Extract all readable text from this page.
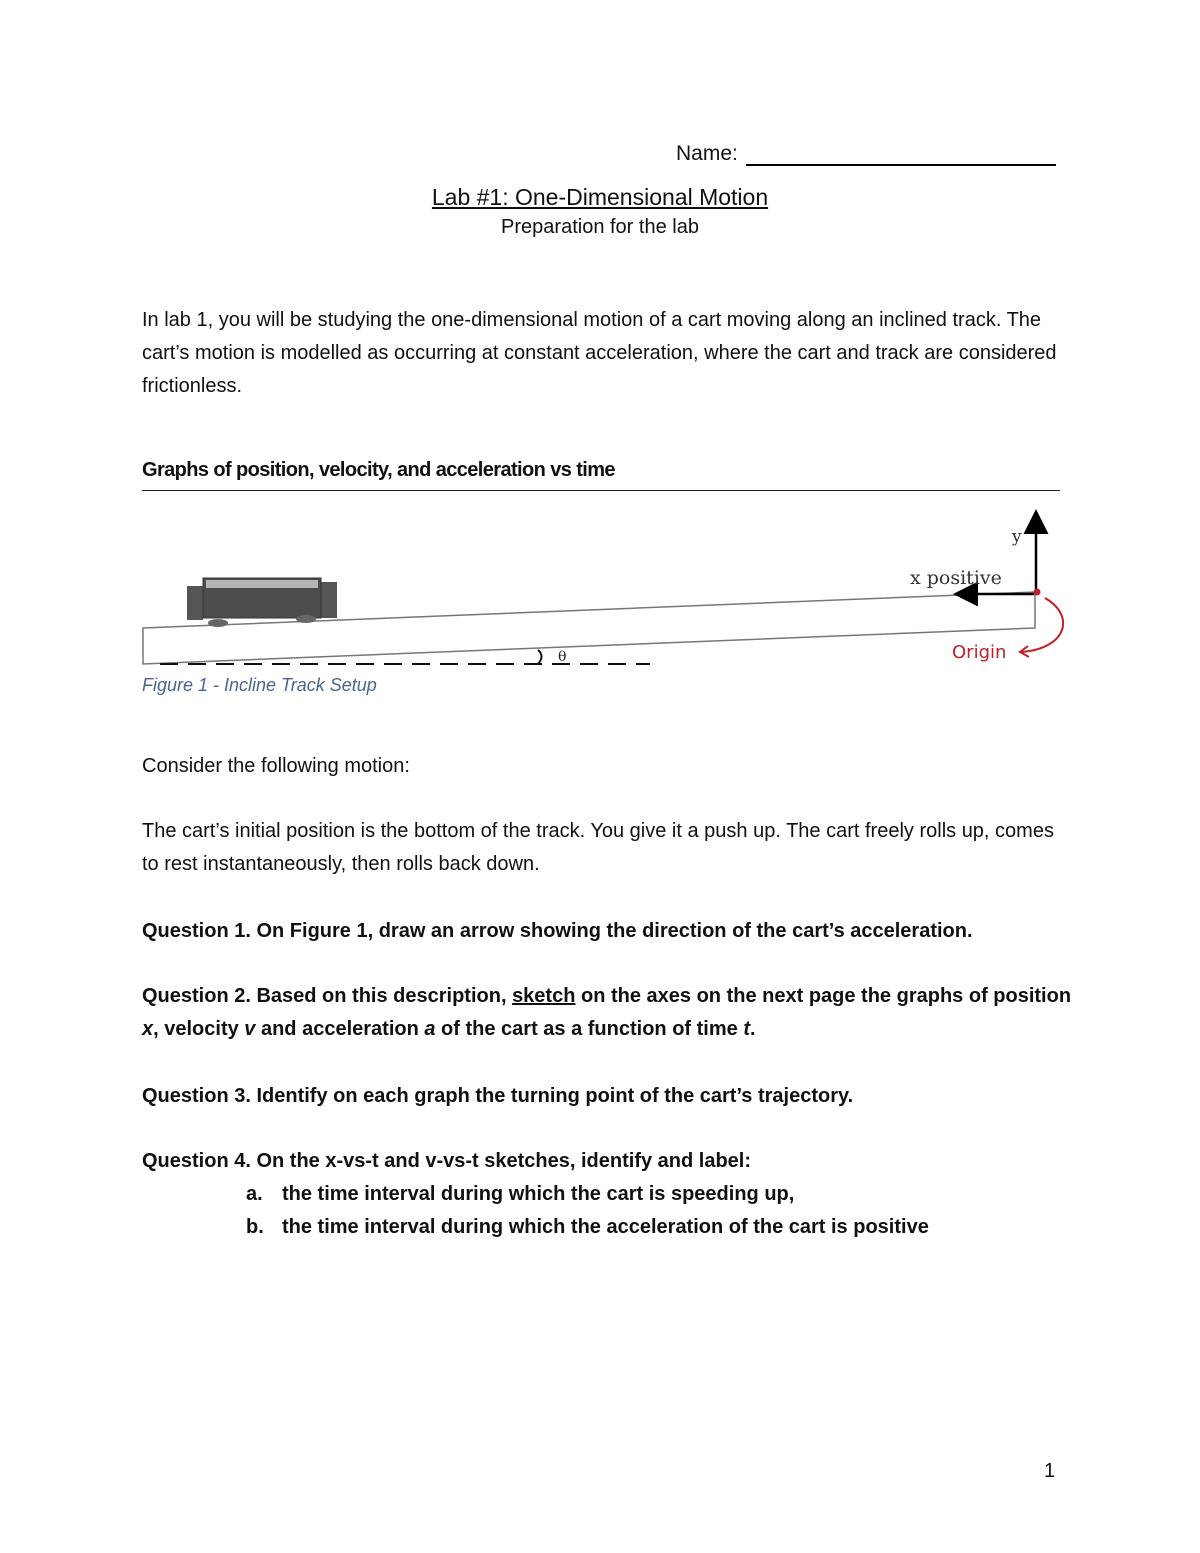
Name:
Lab #1: One-Dimensional Motion
Preparation for the lab
In lab 1, you will be studying the one-dimensional motion of a cart moving along an inclined track. The cart’s motion is modelled as occurring at constant acceleration, where the cart and track are considered frictionless.
Graphs of position, velocity, and acceleration vs time
θ
y
x positive
Origin
Figure 1 - Incline Track Setup
Consider the following motion:
The cart’s initial position is the bottom of the track. You give it a push up. The cart freely rolls up, comes to rest instantaneously, then rolls back down.
Question 1. On Figure 1, draw an arrow showing the direction of the cart’s acceleration.
Question 2. Based on this description, sketch on the axes on the next page the graphs of position x, velocity v and acceleration a of the cart as a function of time t.
Question 3. Identify on each graph the turning point of the cart’s trajectory.
Question 4. On the x-vs-t and v-vs-t sketches, identify and label:
a. the time interval during which the cart is speeding up,
b. the time interval during which the acceleration of the cart is positive
1
